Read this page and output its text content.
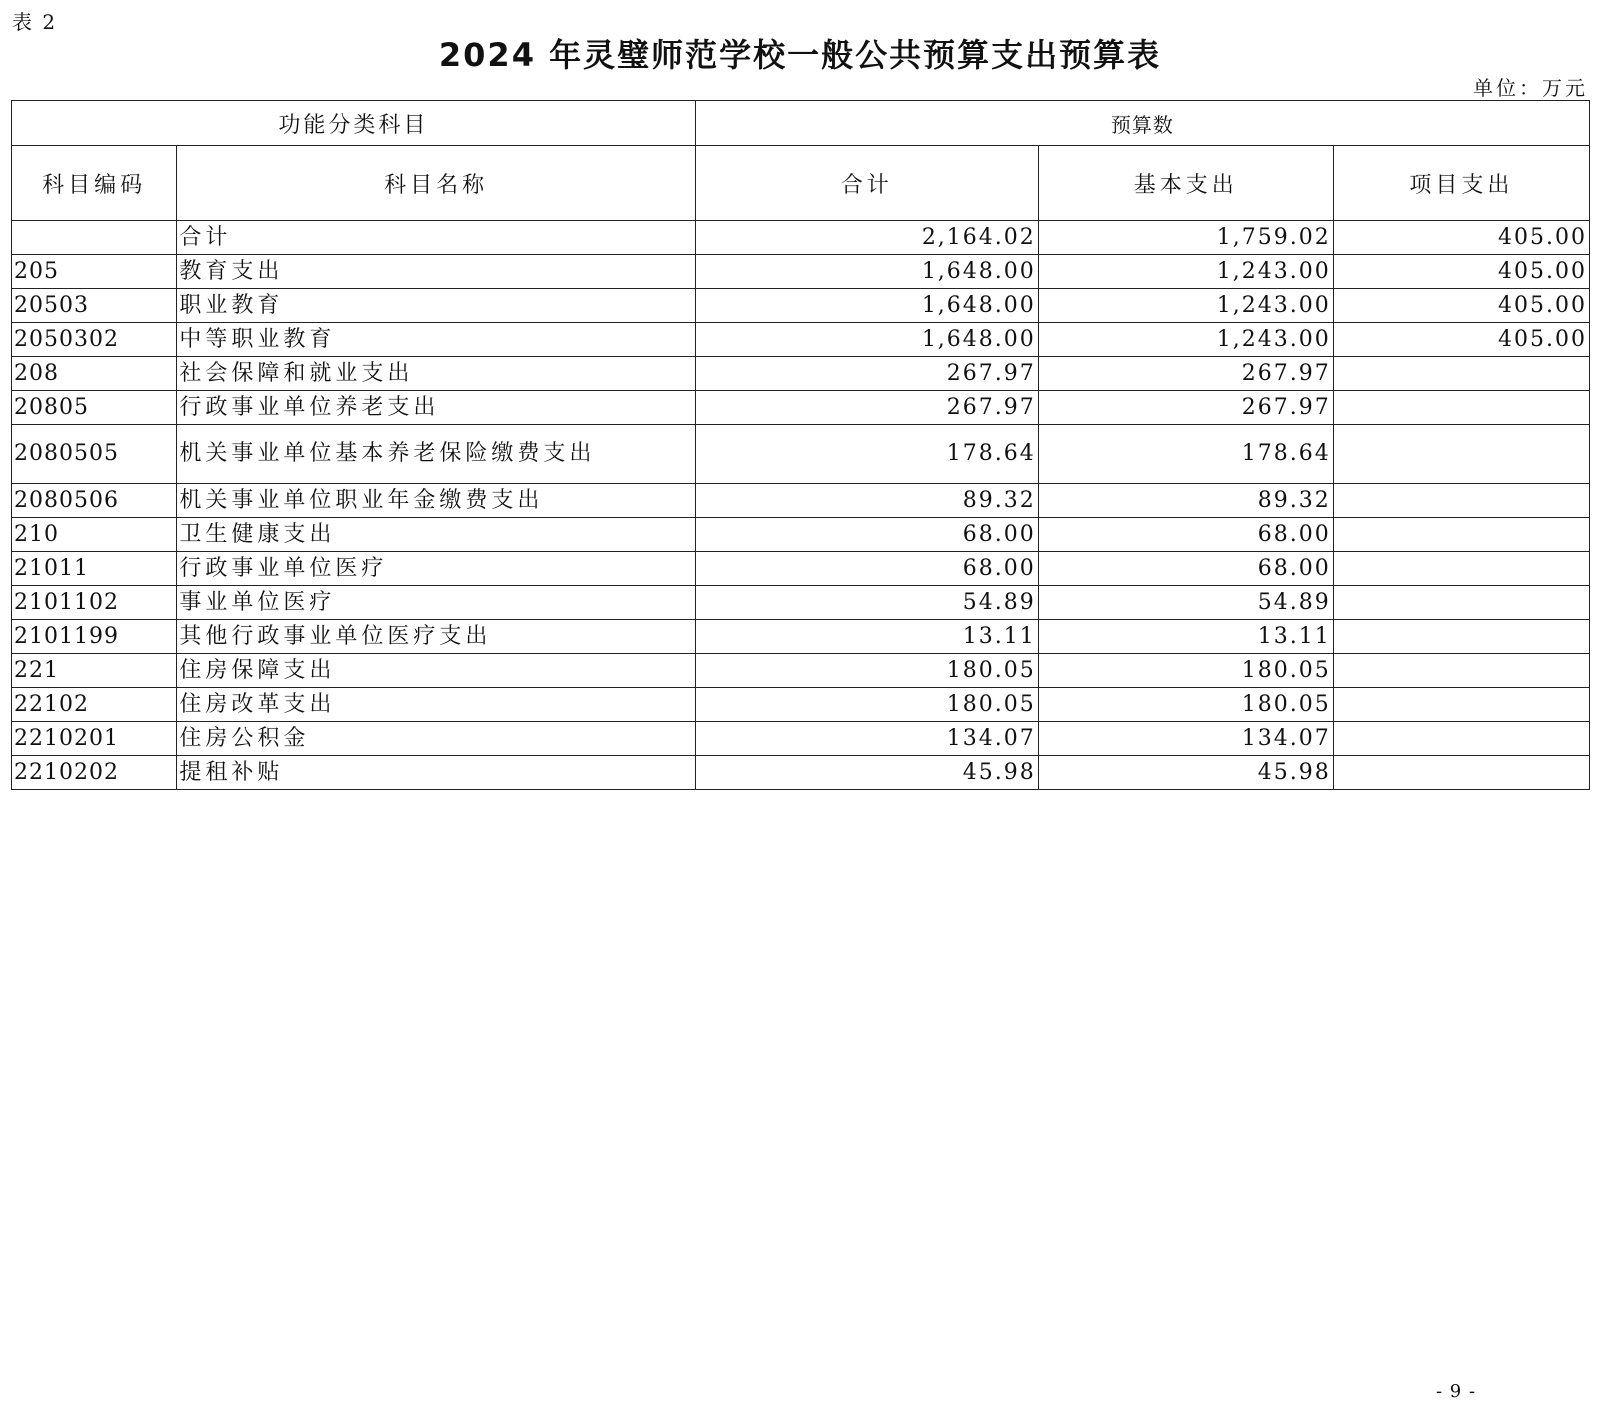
表 2
2024 年灵璧师范学校一般公共预算支出预算表
单位：万元
功能分类科目		预算数		
科目编码	科目名称	合计	基本支出	项目支出
	合计	2,164.02	1,759.02	405.00
205	教育支出	1,648.00	1,243.00	405.00
20503	职业教育	1,648.00	1,243.00	405.00
2050302	中等职业教育	1,648.00	1,243.00	405.00
208	社会保障和就业支出	267.97	267.97	
20805	行政事业单位养老支出	267.97	267.97	
2080505	机关事业单位基本养老保险缴费支出	178.64	178.64	
2080506	机关事业单位职业年金缴费支出	89.32	89.32	
210	卫生健康支出	68.00	68.00	
21011	行政事业单位医疗	68.00	68.00	
2101102	事业单位医疗	54.89	54.89	
2101199	其他行政事业单位医疗支出	13.11	13.11	
221	住房保障支出	180.05	180.05	
22102	住房改革支出	180.05	180.05	
2210201	住房公积金	134.07	134.07	
2210202	提租补贴	45.98	45.98	
- 9 -
